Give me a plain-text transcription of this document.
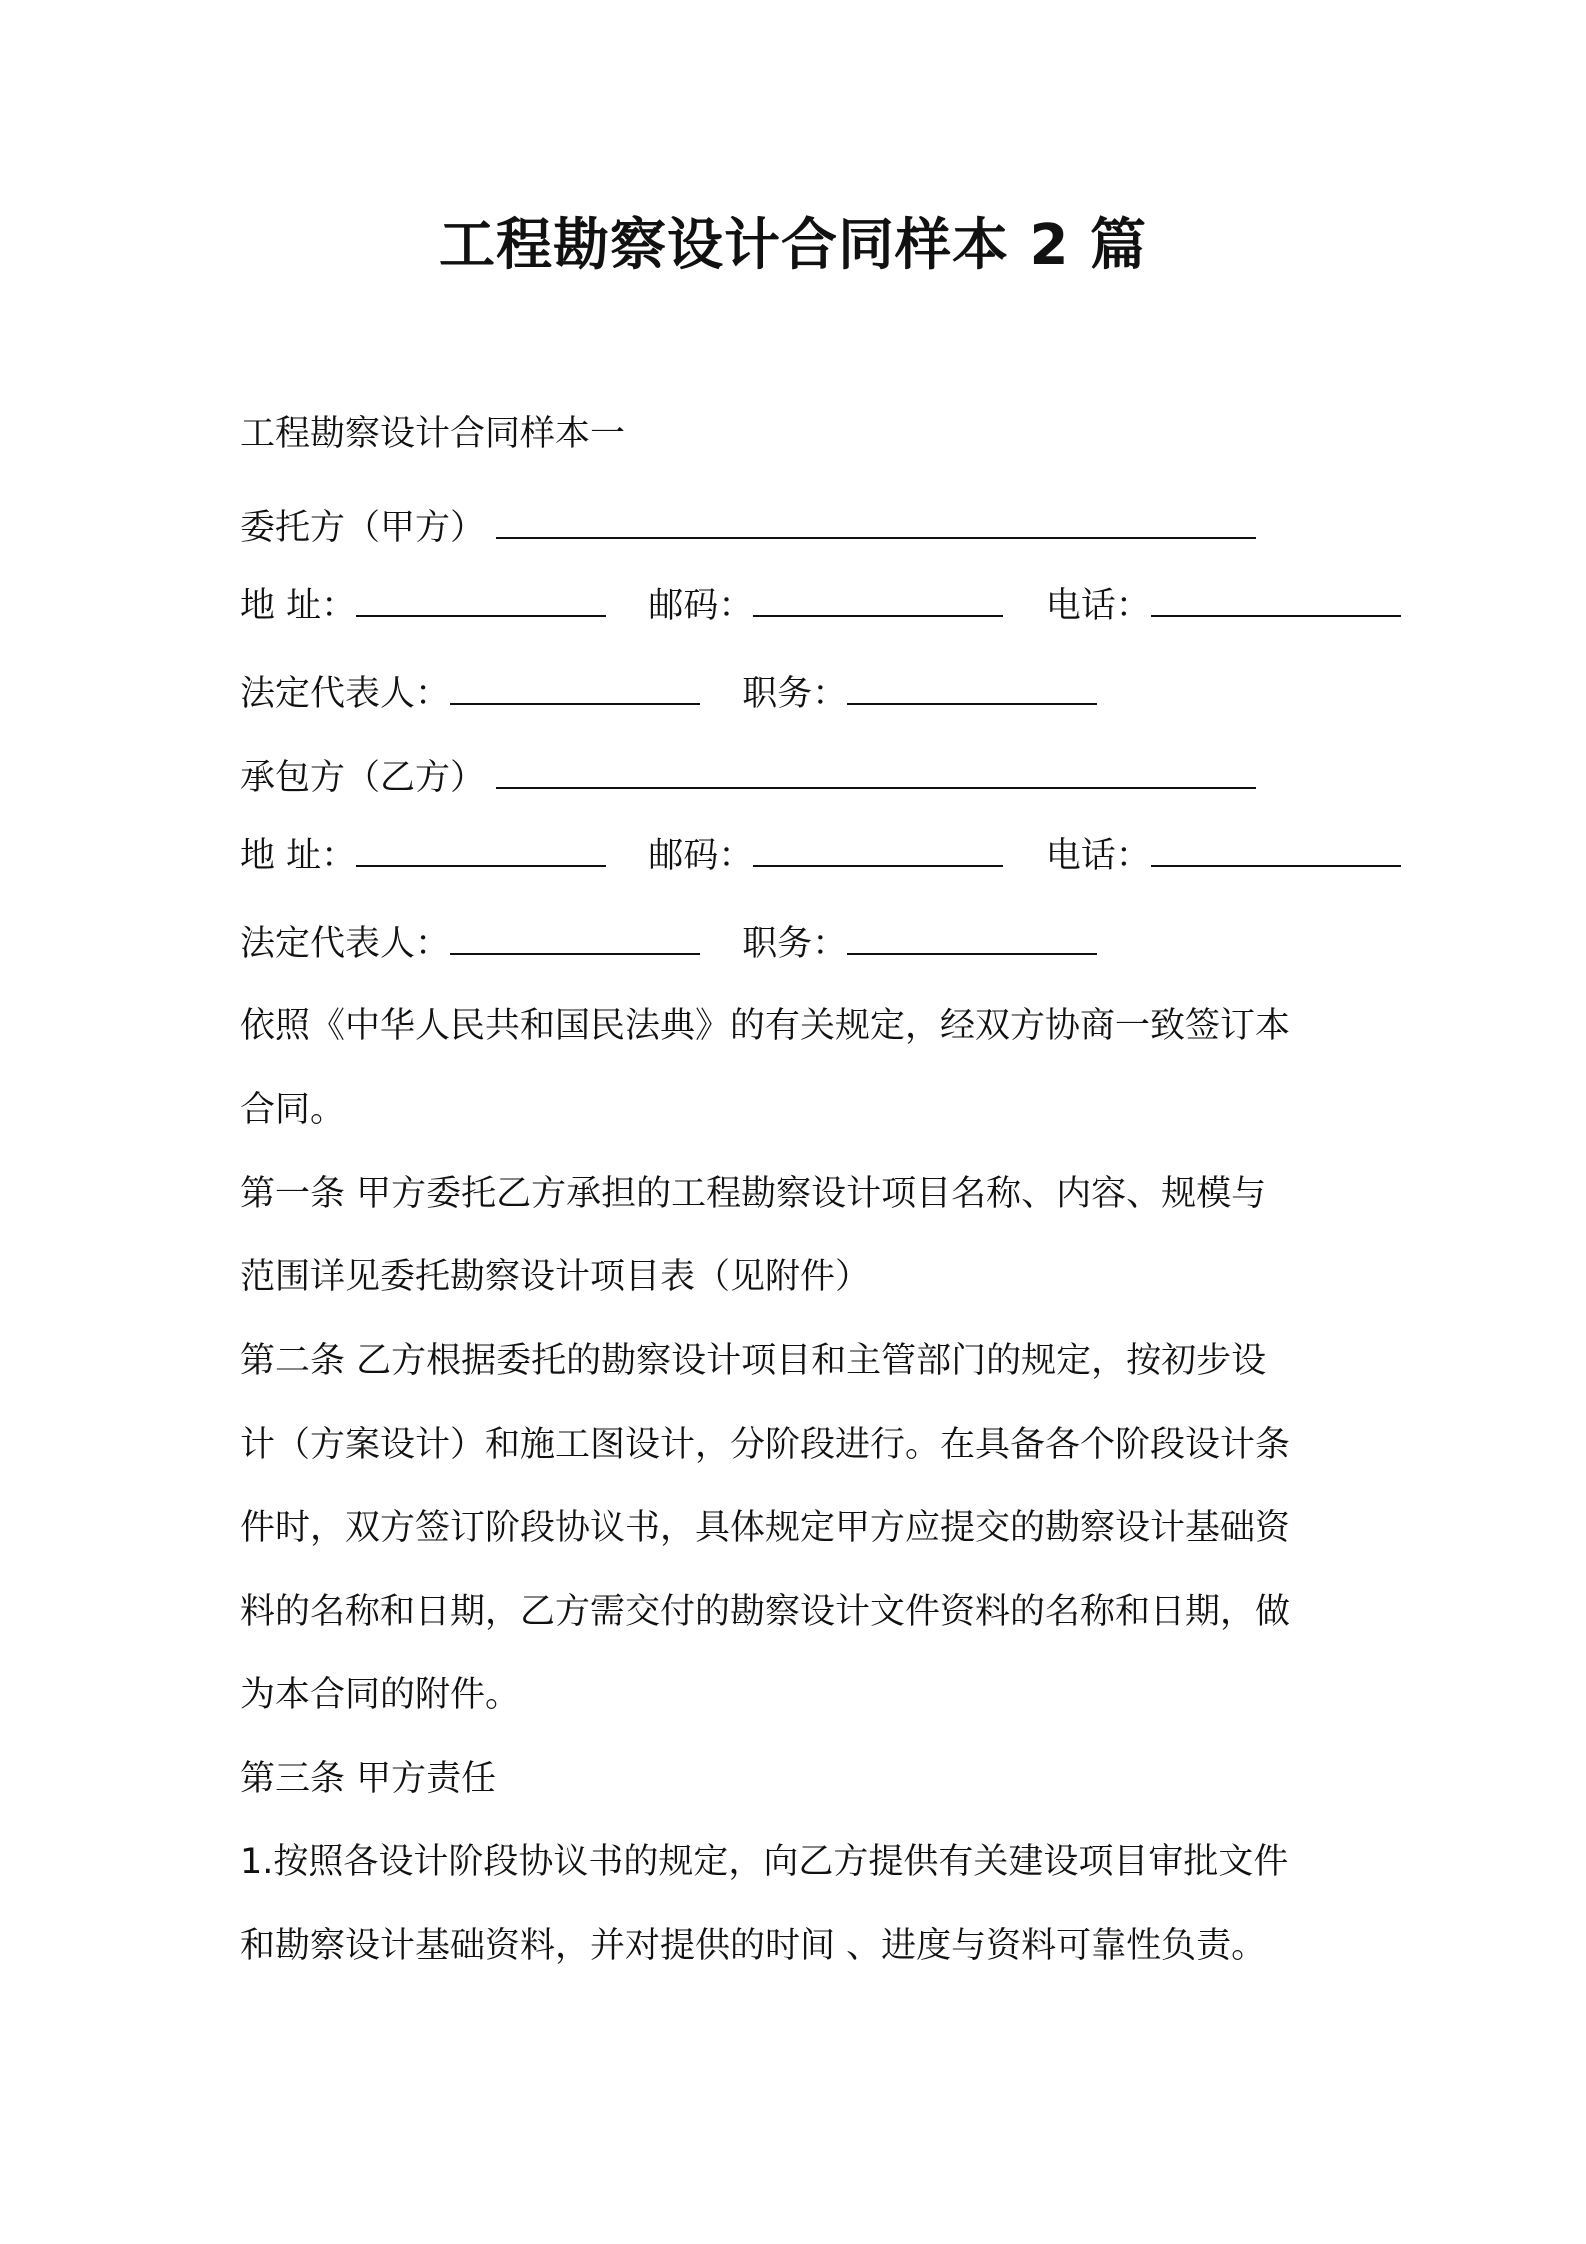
工程勘察设计合同样本 2 篇

工程勘察设计合同样本一

委托方（甲方）

地 址：	邮码：	电话：

法定代表人：	职务：

承包方（乙方）

地 址：	邮码：	电话：

法定代表人：	职务：

依照《中华人民共和国民法典》的有关规定，经双方协商一致签订本

合同。

第一条 甲方委托乙方承担的工程勘察设计项目名称、内容、规模与

范围详见委托勘察设计项目表（见附件）

第二条 乙方根据委托的勘察设计项目和主管部门的规定，按初步设

计（方案设计）和施工图设计，分阶段进行。在具备各个阶段设计条

件时，双方签订阶段协议书，具体规定甲方应提交的勘察设计基础资

料的名称和日期，乙方需交付的勘察设计文件资料的名称和日期，做

为本合同的附件。

第三条 甲方责任

1.按照各设计阶段协议书的规定，向乙方提供有关建设项目审批文件

和勘察设计基础资料，并对提供的时间 、进度与资料可靠性负责。
